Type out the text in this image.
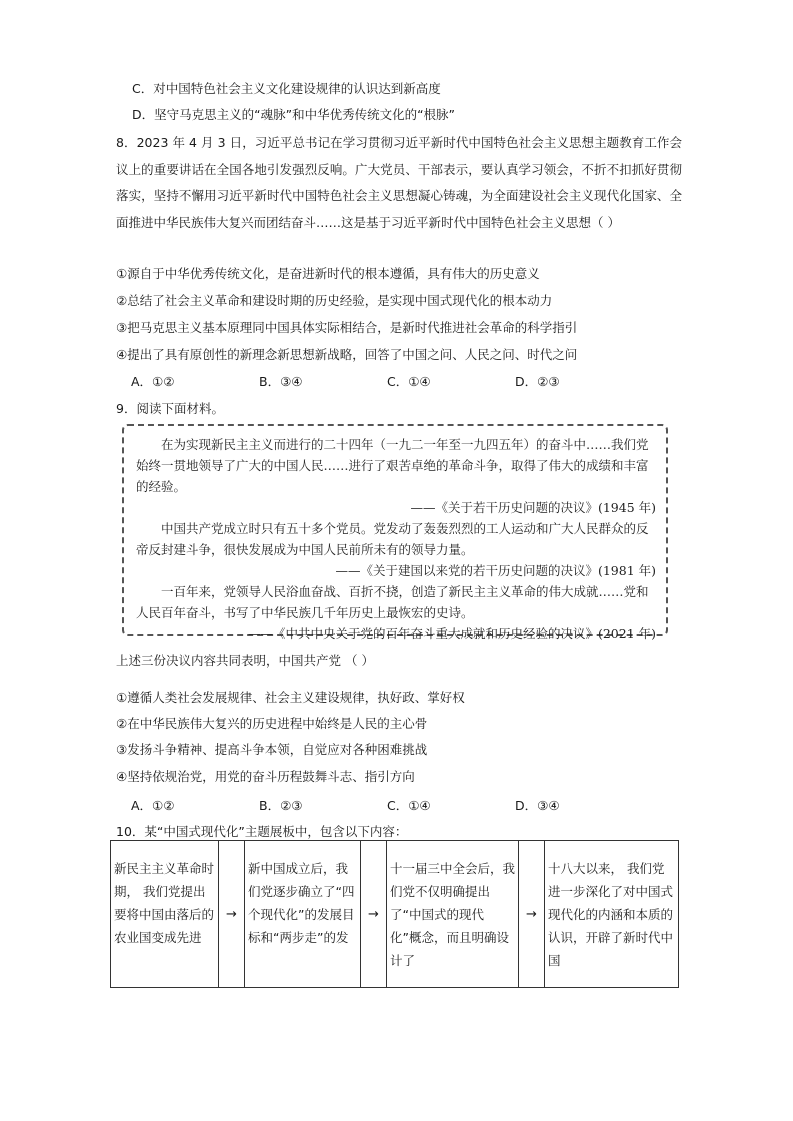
C．对中国特色社会主义文化建设规律的认识达到新高度
D．坚守马克思主义的“魂脉”和中华优秀传统文化的“根脉”
8．2023 年 4 月 3 日，习近平总书记在学习贯彻习近平新时代中国特色社会主义思想主题教育工作会议上的重要讲话在全国各地引发强烈反响。广大党员、干部表示，要认真学习领会，不折不扣抓好贯彻落实，坚持不懈用习近平新时代中国特色社会主义思想凝心铸魂，为全面建设社会主义现代化国家、全面推进中华民族伟大复兴而团结奋斗……这是基于习近平新时代中国特色社会主义思想（ ）
①源自于中华优秀传统文化，是奋进新时代的根本遵循，具有伟大的历史意义
②总结了社会主义革命和建设时期的历史经验，是实现中国式现代化的根本动力
③把马克思主义基本原理同中国具体实际相结合，是新时代推进社会革命的科学指引
④提出了具有原创性的新理念新思想新战略，回答了中国之问、人民之问、时代之问
A．①②	B．③④	C．①④	D．②③
9．阅读下面材料。

在为实现新民主主义而进行的二十四年（一九二一年至一九四五年）的奋斗中……我们党始终一贯地领导了广大的中国人民……进行了艰苦卓绝的革命斗争，取得了伟大的成绩和丰富的经验。

——《关于若干历史问题的决议》(1945 年)

中国共产党成立时只有五十多个党员。党发动了轰轰烈烈的工人运动和广大人民群众的反帝反封建斗争，很快发展成为中国人民前所未有的领导力量。

——《关于建国以来党的若干历史问题的决议》(1981 年)

一百年来，党领导人民浴血奋战、百折不挠，创造了新民主主义革命的伟大成就……党和人民百年奋斗，书写了中华民族几千年历史上最恢宏的史诗。

——《中共中央关于党的百年奋斗重大成就和历史经验的决议》(2021 年)

上述三份决议内容共同表明，中国共产党 （ ）
①遵循人类社会发展规律、社会主义建设规律，执好政、掌好权
②在中华民族伟大复兴的历史进程中始终是人民的主心骨
③发扬斗争精神、提高斗争本领，自觉应对各种困难挑战
④坚持依规治党，用党的奋斗历程鼓舞斗志、指引方向
A．①②	B．②③	C．①④	D．③④
10．某“中国式现代化”主题展板中，包含以下内容：
新民主主义革命时期， 我们党提出要将中国由落后的农业国变成先进	→	新中国成立后，我们党逐步确立了“四个现代化”的发展目标和“两步走”的发	→	十一届三中全会后，我们党不仅明确提出了“中国式的现代化”概念，而且明确设计了	→	十八大以来， 我们党进一步深化了对中国式现代化的内涵和本质的认识，开辟了新时代中国
